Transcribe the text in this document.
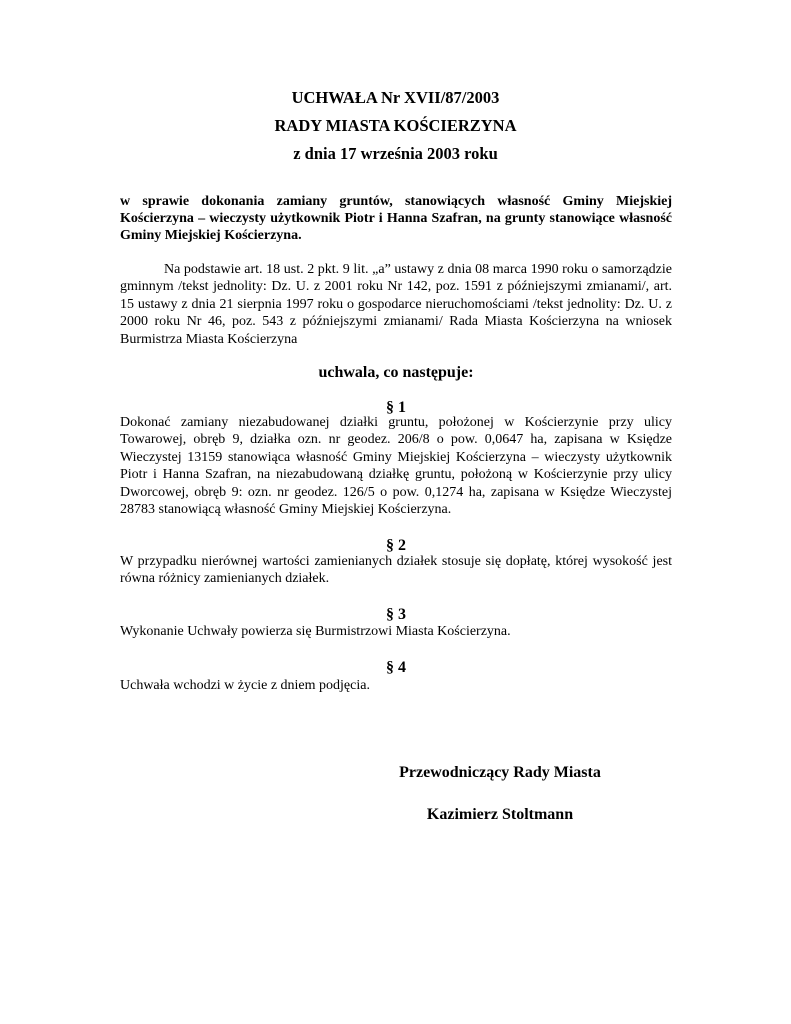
UCHWAŁA Nr XVII/87/2003

RADY MIASTA KOŚCIERZYNA

z dnia 17 września 2003 roku

w sprawie dokonania zamiany gruntów, stanowiących własność Gminy Miejskiej Kościerzyna – wieczysty użytkownik Piotr i Hanna Szafran, na grunty stanowiące własność Gminy Miejskiej Kościerzyna.

Na podstawie art. 18 ust. 2 pkt. 9 lit. „a” ustawy z dnia 08 marca 1990 roku o samorządzie gminnym /tekst jednolity: Dz. U. z 2001 roku Nr 142, poz. 1591 z późniejszymi zmianami/, art. 15 ustawy z dnia 21 sierpnia 1997 roku o gospodarce nieruchomościami /tekst jednolity: Dz. U. z 2000 roku Nr 46, poz. 543 z późniejszymi zmianami/ Rada Miasta Kościerzyna na wniosek Burmistrza Miasta Kościerzyna

uchwala, co następuje:

§ 1

Dokonać zamiany niezabudowanej działki gruntu, położonej w Kościerzynie przy ulicy Towarowej, obręb 9, działka ozn. nr geodez. 206/8 o pow. 0,0647 ha, zapisana w Księdze Wieczystej 13159 stanowiąca własność Gminy Miejskiej Kościerzyna – wieczysty użytkownik Piotr i Hanna Szafran, na niezabudowaną działkę gruntu, położoną w Kościerzynie przy ulicy Dworcowej, obręb 9: ozn. nr geodez. 126/5 o pow. 0,1274 ha, zapisana w Księdze Wieczystej 28783 stanowiącą własność Gminy Miejskiej Kościerzyna.

§ 2

W przypadku nierównej wartości zamienianych działek stosuje się dopłatę, której wysokość jest równa różnicy zamienianych działek.

§ 3

Wykonanie Uchwały powierza się Burmistrzowi Miasta Kościerzyna.

§ 4

Uchwała wchodzi w życie z dniem podjęcia.

Przewodniczący Rady Miasta

Kazimierz Stoltmann
